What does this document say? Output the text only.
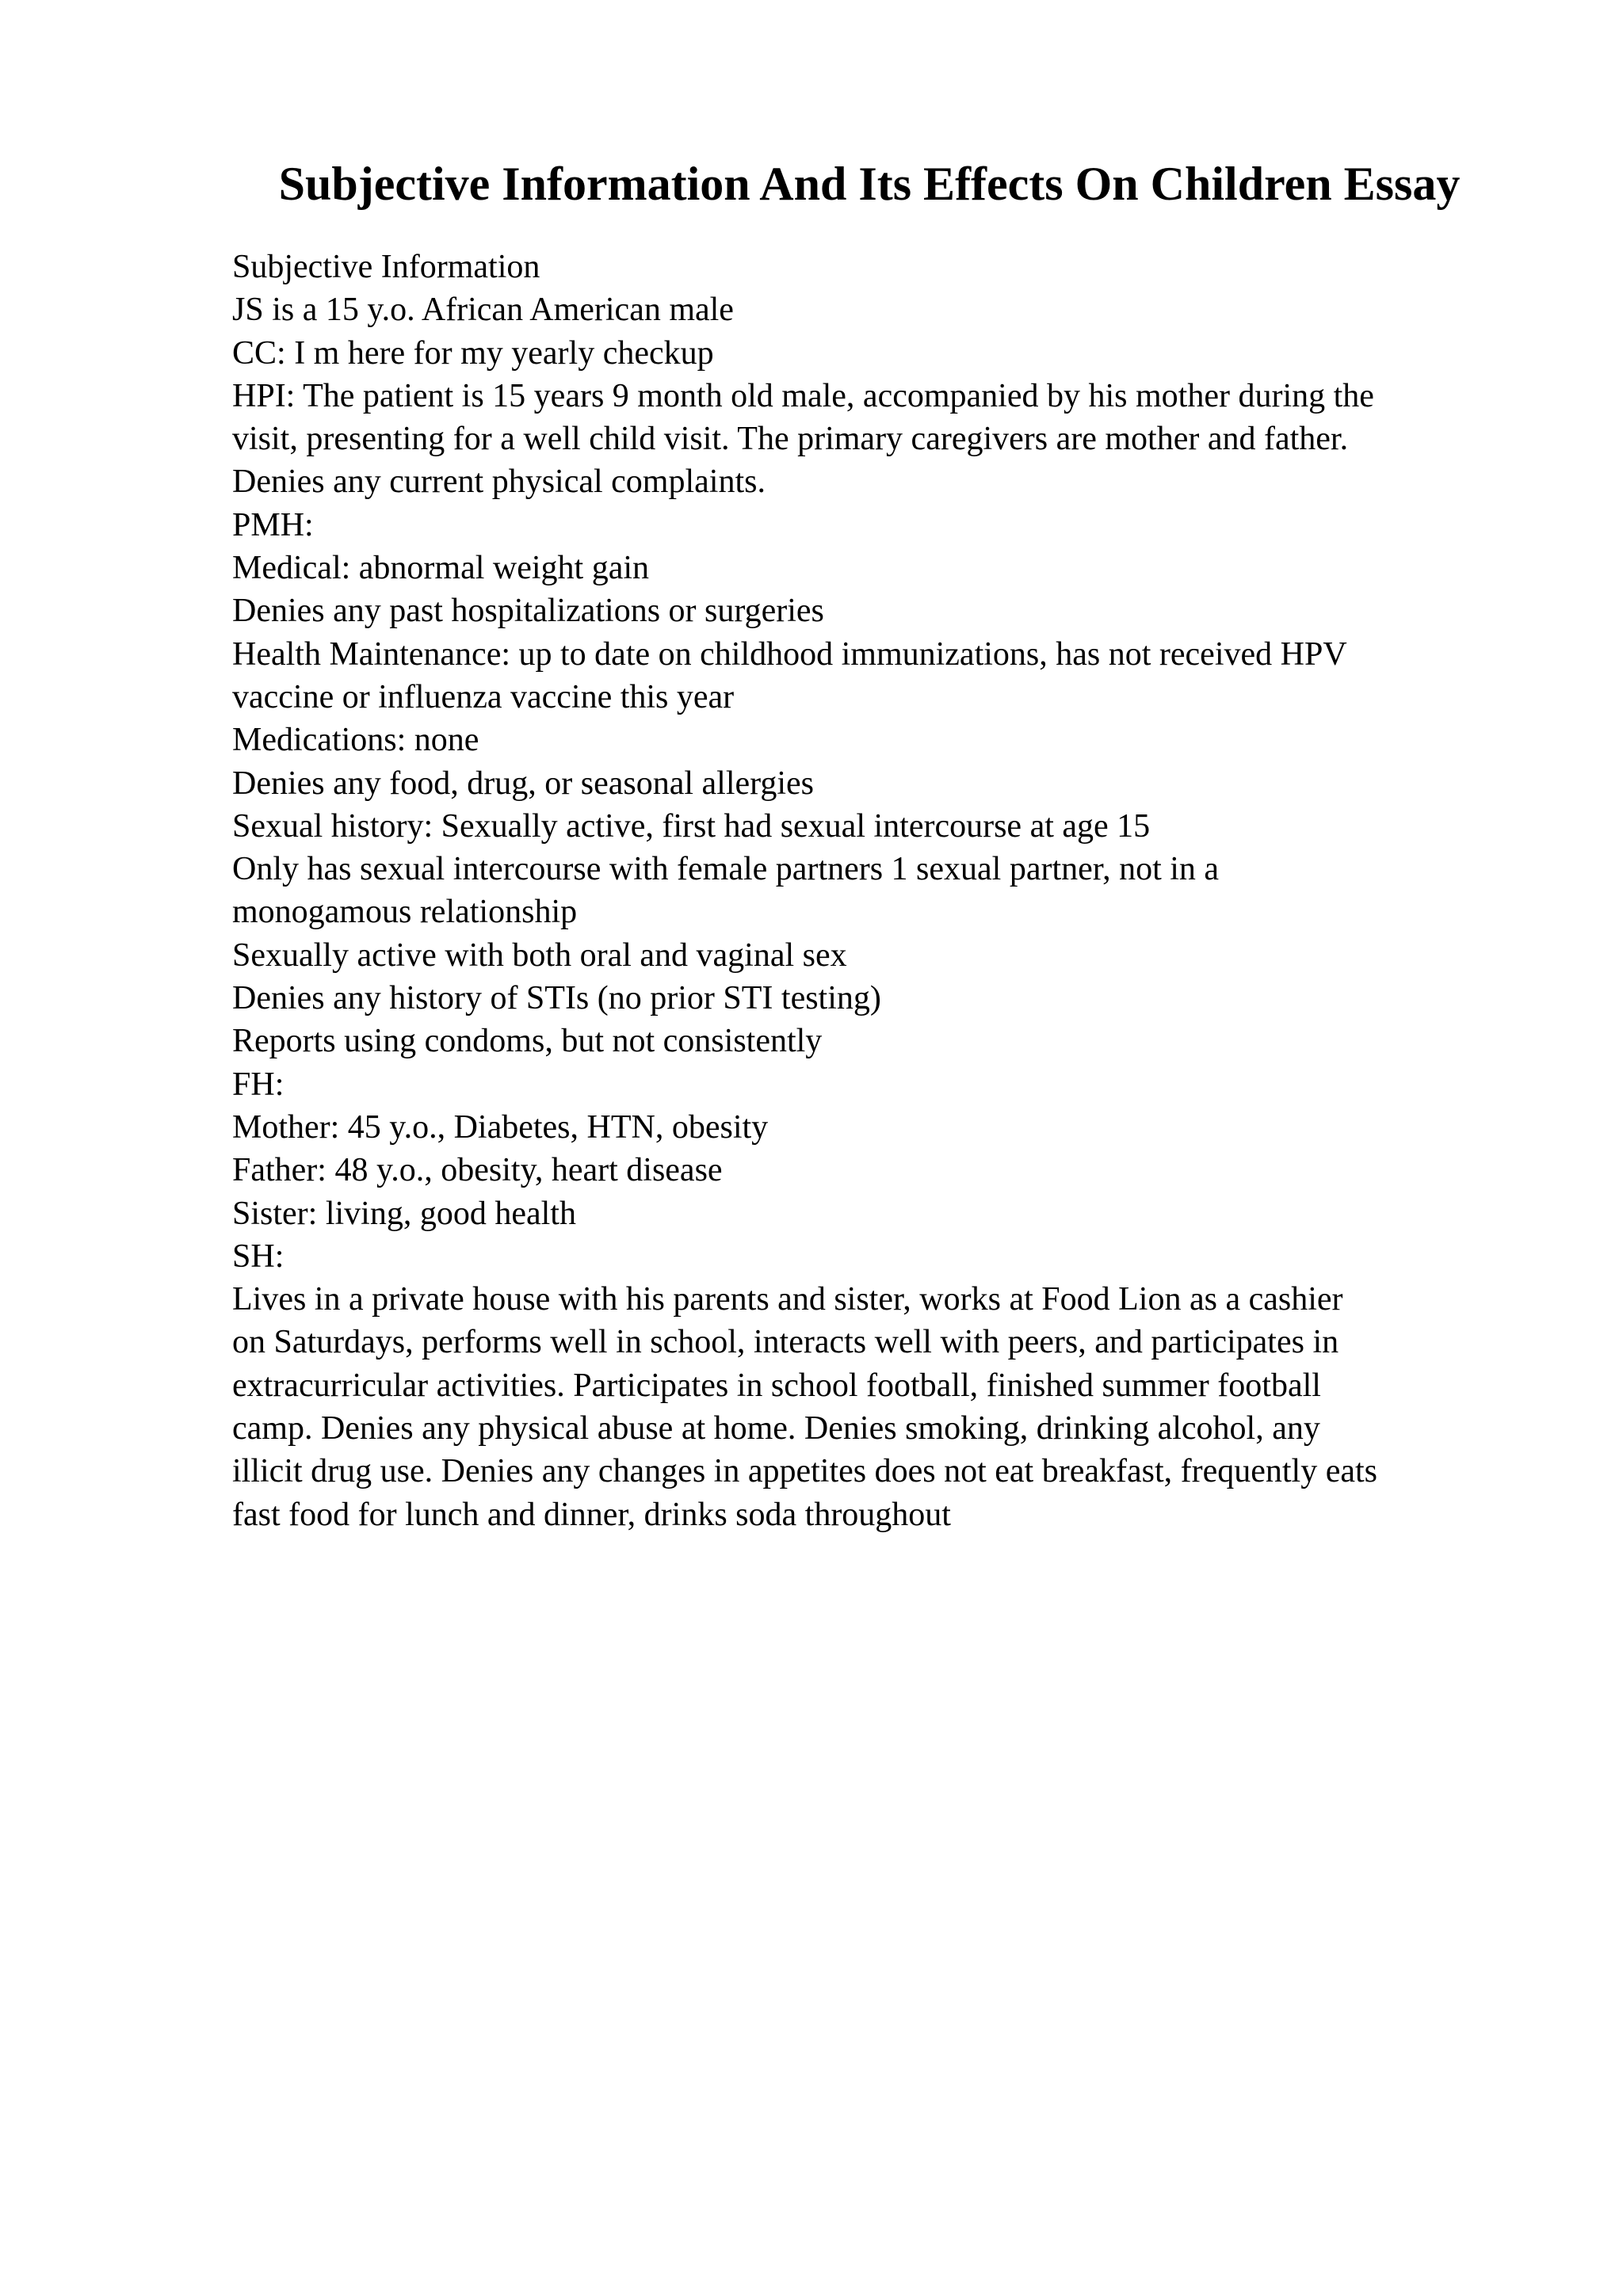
Subjective Information And Its Effects On Children Essay

Subjective Information

JS is a 15 y.o. African American male

CC: I m here for my yearly checkup

HPI: The patient is 15 years 9 month old male, accompanied by his mother during the

visit, presenting for a well child visit. The primary caregivers are mother and father.

Denies any current physical complaints.

PMH:

Medical: abnormal weight gain

Denies any past hospitalizations or surgeries

Health Maintenance: up to date on childhood immunizations, has not received HPV

vaccine or influenza vaccine this year

Medications: none

Denies any food, drug, or seasonal allergies

Sexual history: Sexually active, first had sexual intercourse at age 15

Only has sexual intercourse with female partners 1 sexual partner, not in a

monogamous relationship

Sexually active with both oral and vaginal sex

Denies any history of STIs (no prior STI testing)

Reports using condoms, but not consistently

FH:

Mother: 45 y.o., Diabetes, HTN, obesity

Father: 48 y.o., obesity, heart disease

Sister: living, good health

SH:

Lives in a private house with his parents and sister, works at Food Lion as a cashier

on Saturdays, performs well in school, interacts well with peers, and participates in

extracurricular activities. Participates in school football, finished summer football

camp. Denies any physical abuse at home. Denies smoking, drinking alcohol, any

illicit drug use. Denies any changes in appetites does not eat breakfast, frequently eats

fast food for lunch and dinner, drinks soda throughout
